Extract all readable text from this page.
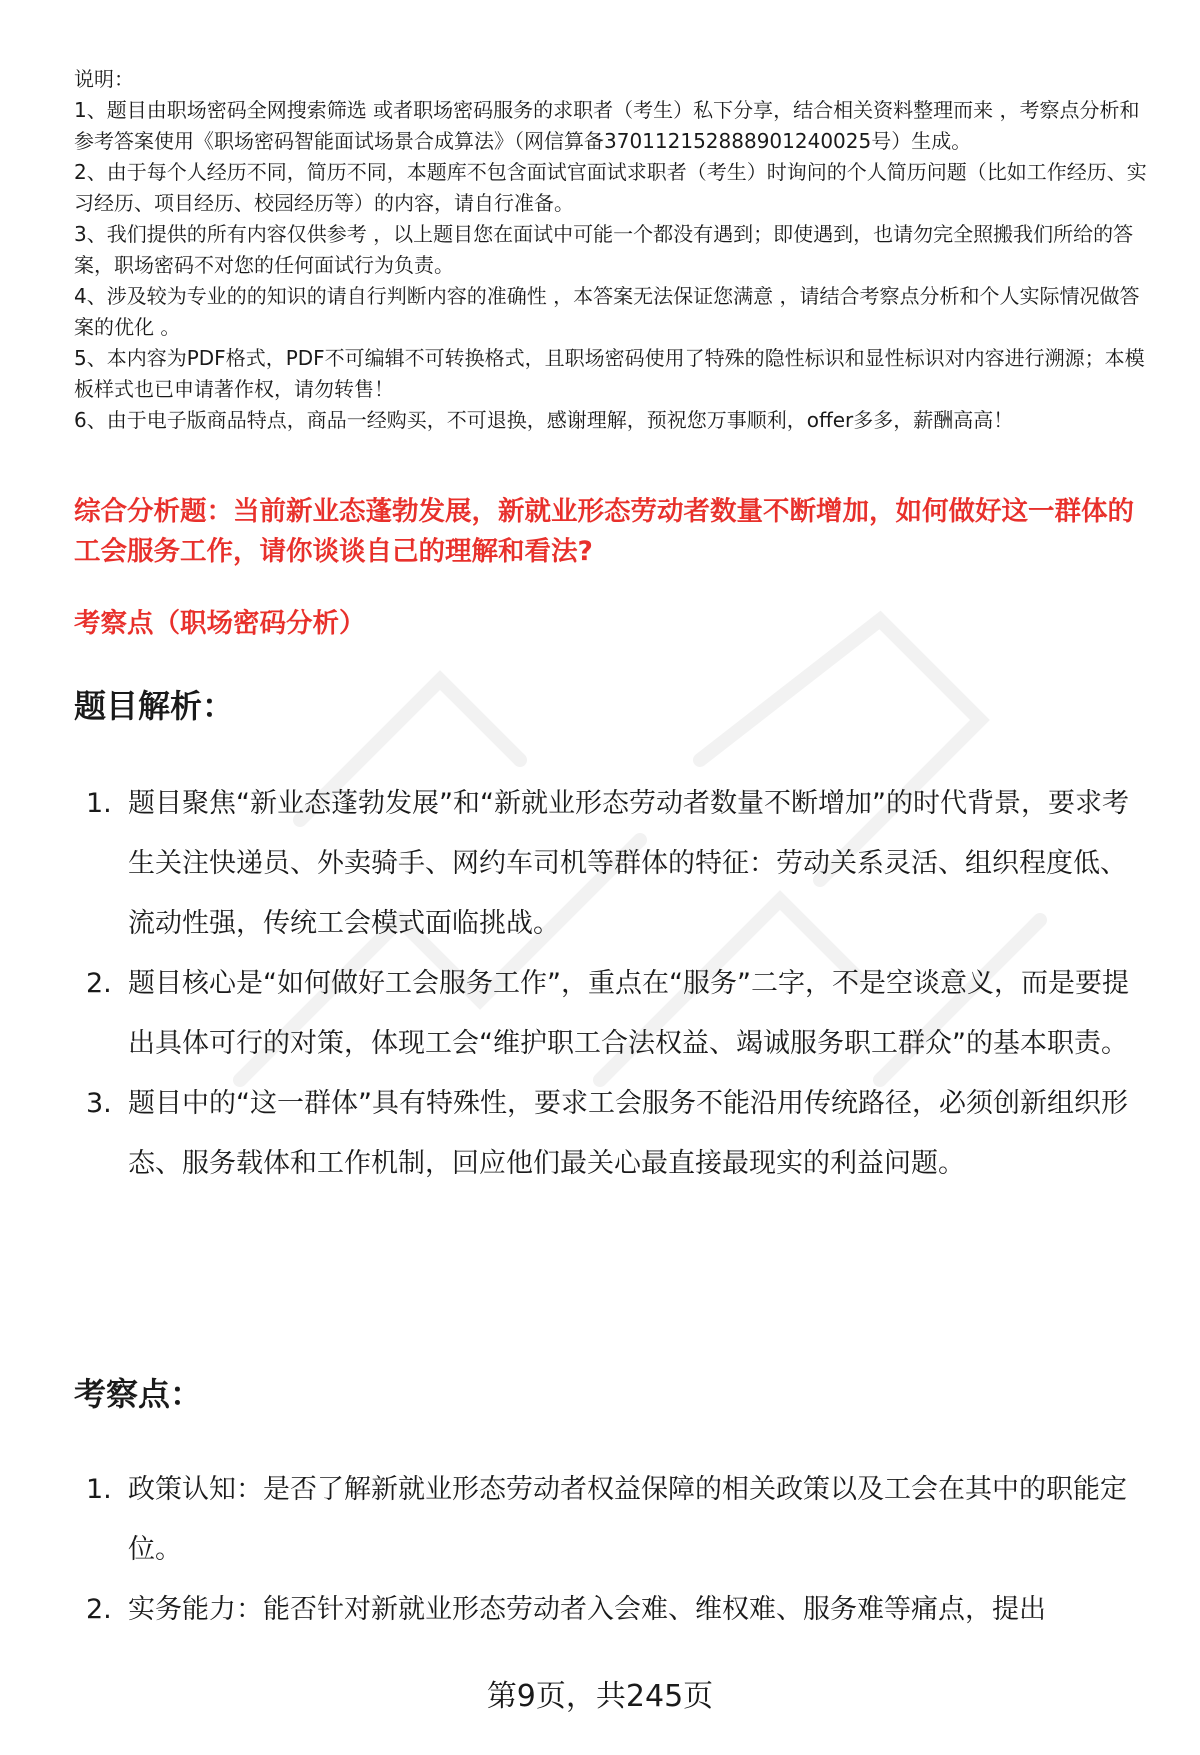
说明：

1、题目由职场密码全网搜索筛选 或者职场密码服务的求职者（考生）私下分享，结合相关资料整理而来 ，考察点分析和参考答案使用《职场密码智能面试场景合成算法》（网信算备370112152888901240025号）生成。

2、由于每个人经历不同，简历不同，本题库不包含面试官面试求职者（考生）时询问的个人简历问题（比如工作经历、实习经历、项目经历、校园经历等）的内容，请自行准备。

3、我们提供的所有内容仅供参考 ，以上题目您在面试中可能一个都没有遇到；即使遇到，也请勿完全照搬我们所给的答案，职场密码不对您的任何面试行为负责。

4、涉及较为专业的的知识的请自行判断内容的准确性 ，本答案无法保证您满意 ，请结合考察点分析和个人实际情况做答案的优化 。

5、本内容为PDF格式，PDF不可编辑不可转换格式，且职场密码使用了特殊的隐性标识和显性标识对内容进行溯源；本模板样式也已申请著作权，请勿转售！

6、由于电子版商品特点，商品一经购买，不可退换，感谢理解，预祝您万事顺利，offer多多，薪酬高高！

综合分析题：当前新业态蓬勃发展，新就业形态劳动者数量不断增加，如何做好这一群体的工会服务工作，请你谈谈自己的理解和看法?
考察点（职场密码分析）
题目解析：
1. 题目聚焦“新业态蓬勃发展”和“新就业形态劳动者数量不断增加”的时代背景，要求考生关注快递员、外卖骑手、网约车司机等群体的特征：劳动关系灵活、组织程度低、流动性强，传统工会模式面临挑战。
2. 题目核心是“如何做好工会服务工作”，重点在“服务”二字，不是空谈意义，而是要提出具体可行的对策，体现工会“维护职工合法权益、竭诚服务职工群众”的基本职责。
3. 题目中的“这一群体”具有特殊性，要求工会服务不能沿用传统路径，必须创新组织形态、服务载体和工作机制，回应他们最关心最直接最现实的利益问题。
考察点：
1. 政策认知：是否了解新就业形态劳动者权益保障的相关政策以及工会在其中的职能定位。
2. 实务能力：能否针对新就业形态劳动者入会难、维权难、服务难等痛点，提出
第9页，共245页
